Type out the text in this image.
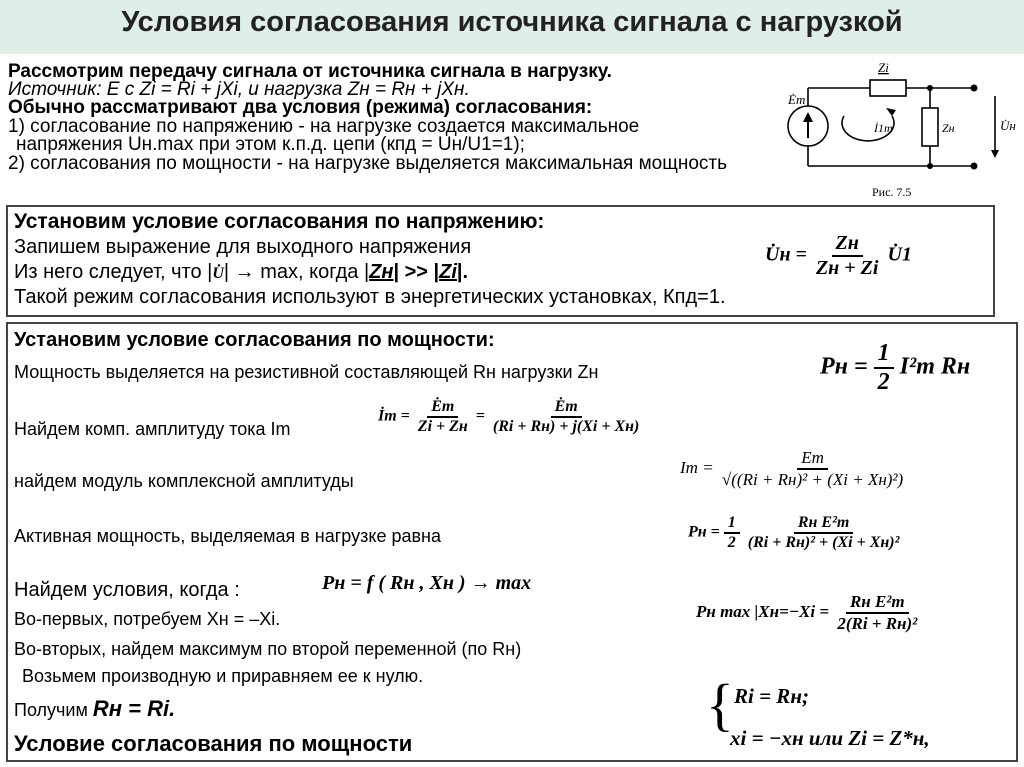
Условия согласования источника сигнала с нагрузкой
Рассмотрим передачу сигнала от источника сигнала в нагрузку.
Источник: E с Zi = Ri + jXi, и нагрузка Zн = Rн + jXн.
Обычно рассматривают два условия (режима) согласования:
1) согласование по напряжению - на нагрузке создается максимальное
напряжения Uн.max при этом к.п.д. цепи (кпд = Uн/U1=1);
2) согласования по мощности - на нагрузке выделяется максимальная мощность
Zi
Ėm
İ1m	Zн	U̇н
Рис. 7.5
Установим условие согласования по напряжению:
Запишем выражение для выходного напряжения
Из него следует, что |U̇| → max, когда |Zн| >> |Zi|.
Такой режим согласования используют в энергетических установках, Кпд=1.
U̇н = $\frac{Zн}{Zн + Zi}$ U̇1
Установим условие согласования по мощности:
Мощность выделяется на резистивной составляющей Rн нагрузки Zн
Найдем комп. амплитуду тока Im
найдем модуль комплексной амплитуды
Активная мощность, выделяемая в нагрузке равна
Найдем условия, когда :
Во-первых, потребуем Xн = –Xi.
Во-вторых, найдем максимум по второй переменной (по Rн)
Возьмем производную и приравняем ее к нулю.
Получим Rн = Ri.
Условие согласования по мощности
Pн = $\frac{1}{2} I^2m$ Rн
İm = $\frac{Ėm}{Zi + Zн} = \frac{Ėm}{(Ri + Rн) + j(Xi + Xн)}$
$Im = \frac{Em}{\text{√((Ri + Rн)² + (Xi + Xн)²)}}$
Pн = $\frac{1}{2}$
$\frac{\text{Rн E²m}}{\text{(Ri + Rн)² + (Xi + Xн)²}}$
Pн = f ( Rн , Xн ) → max
Pн $\max |Xн=-Xi = \frac{\text{Rн E²m}}{\text{2(Ri + Rн)²}}$
{ Ri = Rн;
xi = −xн или Zi = Z*н,
